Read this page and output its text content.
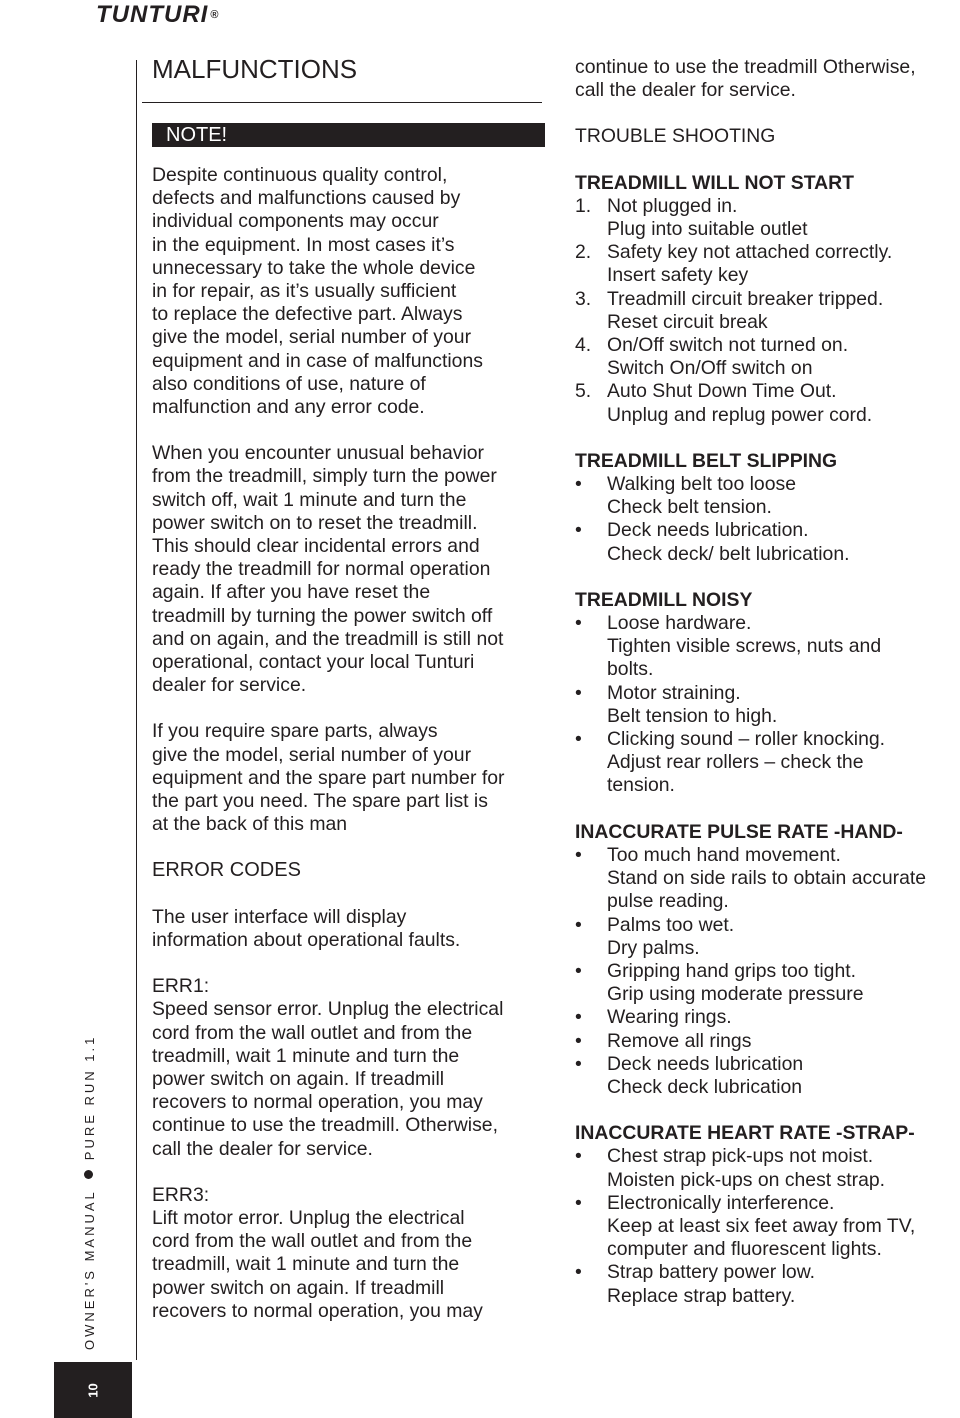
TUNTURI ®
OWNER'S MANUALPURE RUN 1.1
10
MALFUNCTIONS
NOTE!
Despite continuous quality control,
defects and malfunctions caused by
individual components may occur
in the equipment. In most cases it’s
unnecessary to take the whole device
in for repair, as it’s usually sufficient
to replace the defective part. Always
give the model, serial number of your
equipment and in case of malfunctions
also conditions of use, nature of
malfunction and any error code.
When you encounter unusual behavior
from the treadmill, simply turn the power
switch off, wait 1 minute and turn the
power switch on to reset the treadmill.
This should clear incidental errors and
ready the treadmill for normal operation
again. If after you have reset the
treadmill by turning the power switch off
and on again, and the treadmill is still not
operational, contact your local Tunturi
dealer for service.
If you require spare parts, always
give the model, serial number of your
equipment and the spare part number for
the part you need. The spare part list is
at the back of this man
ERROR CODES
The user interface will display
information about operational faults.
ERR1:
Speed sensor error. Unplug the electrical
cord from the wall outlet and from the
treadmill, wait 1 minute and turn the
power switch on again. If treadmill
recovers to normal operation, you may
continue to use the treadmill. Otherwise,
call the dealer for service.
ERR3:
Lift motor error. Unplug the electrical
cord from the wall outlet and from the
treadmill, wait 1 minute and turn the
power switch on again. If treadmill
recovers to normal operation, you may
continue to use the treadmill Otherwise,
call the dealer for service.
TROUBLE SHOOTING
TREADMILL WILL NOT START
1. Not plugged in.
Plug into suitable outlet
2. Safety key not attached correctly.
Insert safety key
3. Treadmill circuit breaker tripped.
Reset circuit break
4. On/Off switch not turned on.
Switch On/Off switch on
5. Auto Shut Down Time Out.
Unplug and replug power cord.
TREADMILL BELT SLIPPING
•	Walking belt too loose
Check belt tension.
•	Deck needs lubrication.
Check deck/ belt lubrication.
TREADMILL NOISY
•	Loose hardware.
Tighten visible screws, nuts and
bolts.
•	Motor straining.
Belt tension to high.
•	Clicking sound – roller knocking.
Adjust rear rollers – check the
tension.
INACCURATE PULSE RATE -HAND-
•	Too much hand movement.
Stand on side rails to obtain accurate
pulse reading.
•	Palms too wet.
Dry palms.
•	Gripping hand grips too tight.
Grip using moderate pressure
•	Wearing rings.
•	Remove all rings
•	Deck needs lubrication
Check deck lubrication
INACCURATE HEART RATE -STRAP-
•	Chest strap pick-ups not moist.
Moisten pick-ups on chest strap.
•	Electronically interference.
Keep at least six feet away from TV,
computer and fluorescent lights.
•	Strap battery power low.
Replace strap battery.
